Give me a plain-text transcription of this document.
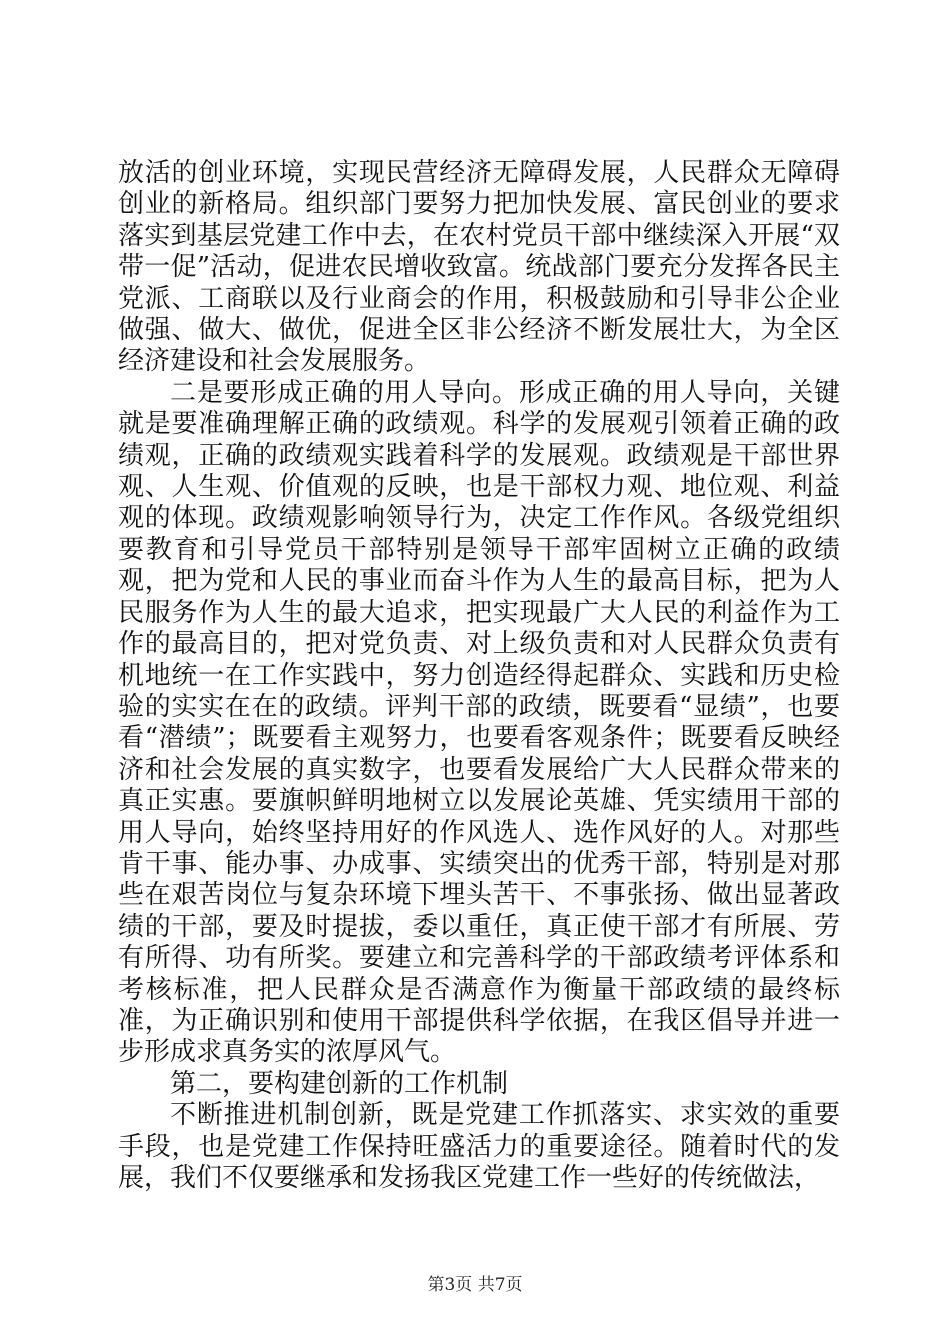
放活的创业环境，实现民营经济无障碍发展，人民群众无障碍创业的新格局。组织部门要努力把加快发展、富民创业的要求落实到基层党建工作中去，在农村党员干部中继续深入开展“双带一促”活动，促进农民增收致富。统战部门要充分发挥各民主党派、工商联以及行业商会的作用，积极鼓励和引导非公企业做强、做大、做优，促进全区非公经济不断发展壮大，为全区经济建设和社会发展服务。

二是要形成正确的用人导向。形成正确的用人导向，关键就是要准确理解正确的政绩观。科学的发展观引领着正确的政绩观，正确的政绩观实践着科学的发展观。政绩观是干部世界观、人生观、价值观的反映，也是干部权力观、地位观、利益观的体现。政绩观影响领导行为，决定工作作风。各级党组织要教育和引导党员干部特别是领导干部牢固树立正确的政绩观，把为党和人民的事业而奋斗作为人生的最高目标，把为人民服务作为人生的最大追求，把实现最广大人民的利益作为工作的最高目的，把对党负责、对上级负责和对人民群众负责有机地统一在工作实践中，努力创造经得起群众、实践和历史检验的实实在在的政绩。评判干部的政绩，既要看“显绩”，也要看“潜绩”；既要看主观努力，也要看客观条件；既要看反映经济和社会发展的真实数字，也要看发展给广大人民群众带来的真正实惠。要旗帜鲜明地树立以发展论英雄、凭实绩用干部的用人导向，始终坚持用好的作风选人、选作风好的人。对那些肯干事、能办事、办成事、实绩突出的优秀干部，特别是对那些在艰苦岗位与复杂环境下埋头苦干、不事张扬、做出显著政绩的干部，要及时提拔，委以重任，真正使干部才有所展、劳有所得、功有所奖。要建立和完善科学的干部政绩考评体系和考核标准，把人民群众是否满意作为衡量干部政绩的最终标准，为正确识别和使用干部提供科学依据，在我区倡导并进一步形成求真务实的浓厚风气。

第二，要构建创新的工作机制

不断推进机制创新，既是党建工作抓落实、求实效的重要手段，也是党建工作保持旺盛活力的重要途径。随着时代的发展，我们不仅要继承和发扬我区党建工作一些好的传统做法，

第3页 共7页
